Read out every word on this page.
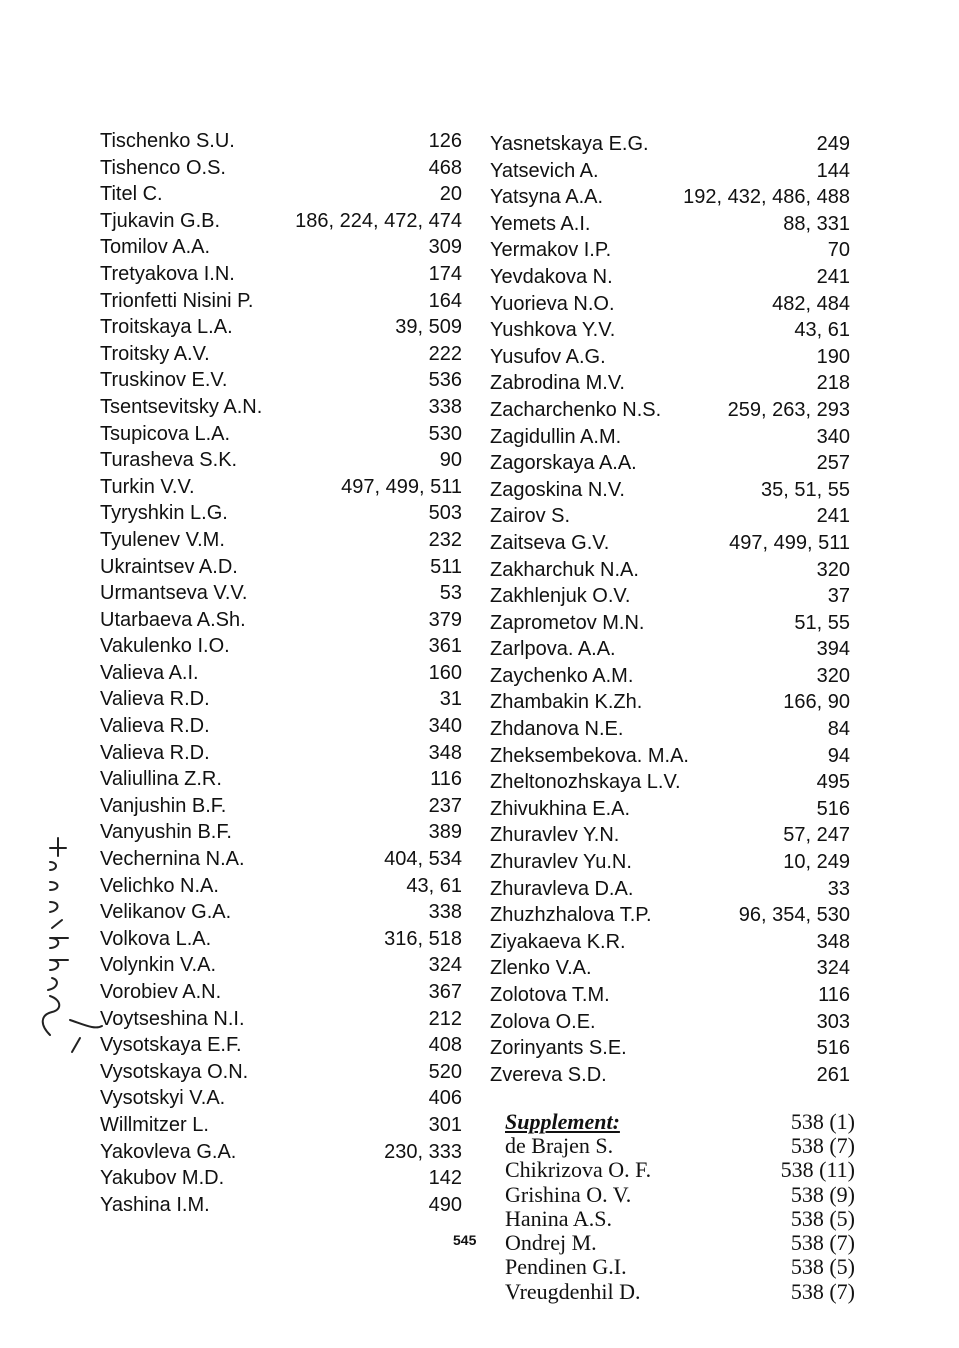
Tischenko S.U.	126
Tishenco O.S.	468
Titel C.	20
Tjukavin G.B.	186, 224, 472, 474
Tomilov A.A.	309
Tretyakova I.N.	174
Trionfetti Nisini P.	164
Troitskaya L.A.	39, 509
Troitsky A.V.	222
Truskinov E.V.	536
Tsentsevitsky A.N.	338
Tsupicova L.A.	530
Turasheva S.K.	90
Turkin V.V.	497, 499, 511
Tyryshkin L.G.	503
Tyulenev V.M.	232
Ukraintsev A.D.	511
Urmantseva V.V.	53
Utarbaeva A.Sh.	379
Vakulenko I.O.	361
Valieva A.I.	160
Valieva R.D.	31
Valieva R.D.	340
Valieva R.D.	348
Valiullina Z.R.	116
Vanjushin B.F.	237
Vanyushin B.F.	389
Vechernina N.A.	404, 534
Velichko N.A.	43, 61
Velikanov G.A.	338
Volkova L.A.	316, 518
Volynkin V.A.	324
Vorobiev A.N.	367
Voytseshina N.I.	212
Vysotskaya E.F.	408
Vysotskaya O.N.	520
Vysotskyi V.A.	406
Willmitzer L.	301
Yakovleva G.A.	230, 333
Yakubov M.D.	142
Yashina I.M.	490
Yasnetskaya E.G.	249
Yatsevich A.	144
Yatsyna A.A.	192, 432, 486, 488
Yemets A.I.	88, 331
Yermakov I.P.	70
Yevdakova N.	241
Yuorieva N.O.	482, 484
Yushkova Y.V.	43, 61
Yusufov A.G.	190
Zabrodina M.V.	218
Zacharchenko N.S.	259, 263, 293
Zagidullin A.M.	340
Zagorskaya A.A.	257
Zagoskina N.V.	35, 51, 55
Zairov S.	241
Zaitseva G.V.	497, 499, 511
Zakharchuk N.A.	320
Zakhlenjuk O.V.	37
Zaprometov M.N.	51, 55
Zarlpova. A.A.	394
Zaychenko A.M.	320
Zhambakin K.Zh.	166, 90
Zhdanova N.E.	84
Zheksembekova. M.A.	94
Zheltonozhskaya L.V.	495
Zhivukhina E.A.	516
Zhuravlev Y.N.	57, 247
Zhuravlev Yu.N.	10, 249
Zhuravleva D.A.	33
Zhuzhzhalova T.P.	96, 354, 530
Ziyakaeva K.R.	348
Zlenko V.A.	324
Zolotova T.M.	116
Zolova O.E.	303
Zorinyants S.E.	516
Zvereva S.D.	261
Supplement:	538 (1)
de Brajen S.	538 (7)
Chikrizova O. F.	538 (11)
Grishina O. V.	538 (9)
Hanina A.S.	538 (5)
Ondrej M.	538 (7)
Pendinen G.I.	538 (5)
Vreugdenhil D.	538 (7)
545
